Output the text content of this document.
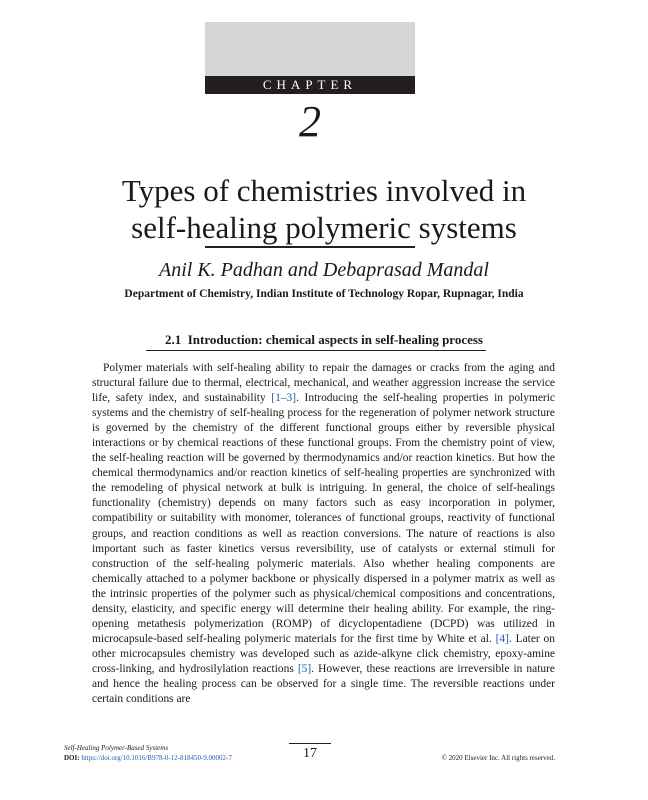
CHAPTER
2
Types of chemistries involved in
self-healing polymeric systems
Anil K. Padhan and Debaprasad Mandal
Department of Chemistry, Indian Institute of Technology Ropar, Rupnagar, India
2.1 Introduction: chemical aspects in self-healing process

Polymer materials with self-healing ability to repair the damages or cracks from the aging and structural failure due to thermal, electrical, mechanical, and weather aggression increase the service life, safety index, and sustainability [1–3]. Introducing the self-healing properties in polymeric systems and the chemistry of self-healing process for the regeneration of polymer network structure is governed by the chemistry of the different functional groups either by reversible physical interactions or by chemical reactions of these functional groups. From the chemistry point of view, the self-healing reaction will be governed by thermodynamics and/or reaction kinetics. But how the chemical thermodynamics and/or reaction kinetics of self-healing properties are synchronized with the remodeling of physical network at bulk is intriguing. In general, the choice of self-healings functionality (chemistry) depends on many factors such as easy incorporation in polymer, compatibility or suitability with monomer, tolerances of functional groups, reactivity of functional groups, and reaction conditions as well as reaction conversions. The nature of reactions is also important such as faster kinetics versus reversibility, use of catalysts or external stimuli for construction of the self-healing polymeric materials. Also whether healing components are chemically attached to a polymer backbone or physically dispersed in a polymer matrix as well as the intrinsic properties of the polymer such as physical/chemical compositions and concentrations, density, elasticity, and specific energy will determine their healing ability. For example, the ring-opening metathesis polymerization (ROMP) of dicyclopentadiene (DCPD) was utilized in microcapsule-based self-healing polymeric materials for the first time by White et al. [4]. Later on other microcapsules chemistry was developed such as azide-alkyne click chemistry, epoxy-amine cross-linking, and hydrosilylation reactions [5]. However, these reactions are irreversible in nature and hence the healing process can be observed for a single time. The reversible reactions under certain conditions are

Self-Healing Polymer-Based Systems
DOI: https://doi.org/10.1016/B978-0-12-818450-9.00002-7	17	© 2020 Elsevier Inc. All rights reserved.
